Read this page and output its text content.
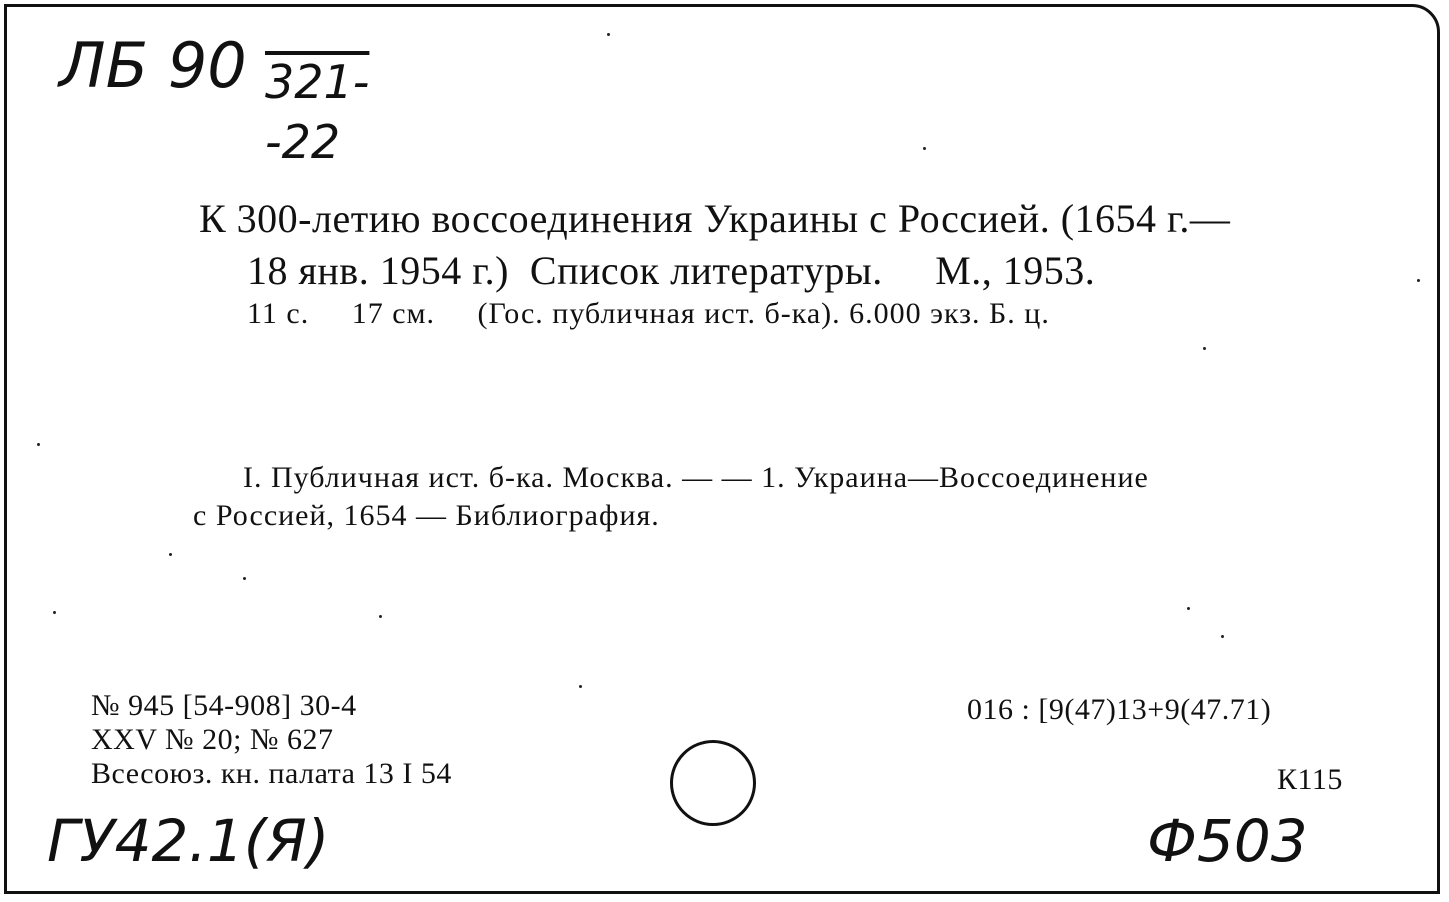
ЛБ 90 321-
-22
К 300-летию воссоединения Украины с Россией. (1654 г.—
18 янв. 1954 г.)  Список литературы.     М., 1953.
11 с.     17 см.     (Гос. публичная ист. б-ка). 6.000 экз. Б. ц.
I. Публичная ист. б-ка. Москва. — — 1. Украина—Воссоединение
с Россией, 1654 — Библиография.
№ 945 [54-908] 30-4
XXV № 20; № 627
Всесоюз. кн. палата 13 I 54
016 : [9(47)13+9(47.71)
К115
ГУ42.1(Я)	Ф503
